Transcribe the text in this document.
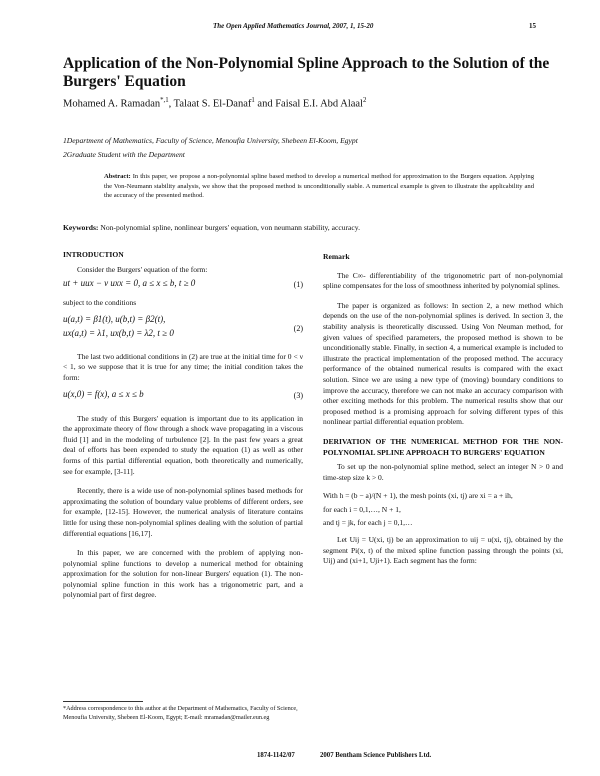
The Open Applied Mathematics Journal, 2007, 1, 15-20	15
Application of the Non-Polynomial Spline Approach to the Solution of the Burgers' Equation
Mohamed A. Ramadan$^{*,1}$, Talaat S. El-Danaf$^1$ and Faisal E.I. Abd Alaal$^2$
1Department of Mathematics, Faculty of Science, Menoufia University, Shebeen El-Koom, Egypt
2Graduate Student with the Department
Abstract: In this paper, we propose a non-polynomial spline based method to develop a numerical method for approximation to the Burgers equation. Applying the Von-Neumann stability analysis, we show that the proposed method is unconditionally stable. A numerical example is given to illustrate the applicability and the accuracy of the presented method.
Keywords: Non-polynomial spline, nonlinear burgers' equation, von neumann stability, accuracy.
INTRODUCTION

Consider the Burgers' equation of the form:

ut + uux − ν uxx = 0, a ≤ x ≤ b, t ≥ 0	(1)

subject to the conditions

u(a,t) = β1(t), u(b,t) = β2(t),
ux(a,t) = λ1, ux(b,t) = λ2, t ≥ 0
(2)

The last two additional conditions in (2) are true at the initial time for 0 < ν < 1, so we suppose that it is true for any time; the initial condition takes the form:

u(x,0) = f(x), a ≤ x ≤ b	(3)

The study of this Burgers' equation is important due to its application in the approximate theory of flow through a shock wave propagating in a viscous fluid [1] and in the modeling of turbulence [2]. In the past few years a great deal of efforts has been expended to study the equation (1) as well as other forms of this partial differential equation, both theoretically and numerically, see for example, [3-11].

Recently, there is a wide use of non-polynomial splines based methods for approximating the solution of boundary value problems of different orders, see for example, [12-15]. However, the numerical analysis of literature contains little for using these non-polynomial splines dealing with the solution of partial differential equations [16,17].

In this paper, we are concerned with the problem of applying non-polynomial spline functions to develop a numerical method for obtaining approximation for the solution for non-linear Burgers' equation (1). The non-polynomial spline function in this work has a trigonometric part, and a polynomial part of first degree.

Remark

The C∞- differentiability of the trigonometric part of non-polynomial spline compensates for the loss of smoothness inherited by polynomial splines.

The paper is organized as follows: In section 2, a new method which depends on the use of the non-polynomial splines is derived. In section 3, the stability analysis is theoretically discussed. Using Von Neuman method, for given values of specified parameters, the proposed method is shown to be unconditionally stable. Finally, in section 4, a numerical example is included to illustrate the practical implementation of the proposed method. The accuracy performance of the obtained numerical results is compared with the exact solution. Since we are using a new type of (moving) boundary conditions to improve the accuracy, therefore we can not make an accuracy comparison with other exciting methods for this problem. The numerical results show that our proposed method is a promising approach for solving different types of this nonlinear partial differential equation problem.

DERIVATION OF THE NUMERICAL METHOD FOR THE NON-POLYNOMIAL SPLINE APPROACH TO BURGERS' EQUATION

To set up the non-polynomial spline method, select an integer N > 0 and time-step size k > 0.

With h = (b − a)/(N + 1), the mesh points (xi, tj) are xi = a + ih,

for each i = 0,1,…, N + 1,

and tj = jk, for each j = 0,1,…

Let Uij = U(xi, tj) be an approximation to uij = u(xi, tj), obtained by the segment Pi(x, t) of the mixed spline function passing through the points (xi, Uij) and (xi+1, Uji+1). Each segment has the form:

*Address correspondence to this author at the Department of Mathematics, Faculty of Science, Menoufia University, Shebeen El-Koom, Egypt; E-mail: mramadan@mailer.eun.eg
1874-1142/07	2007 Bentham Science Publishers Ltd.
